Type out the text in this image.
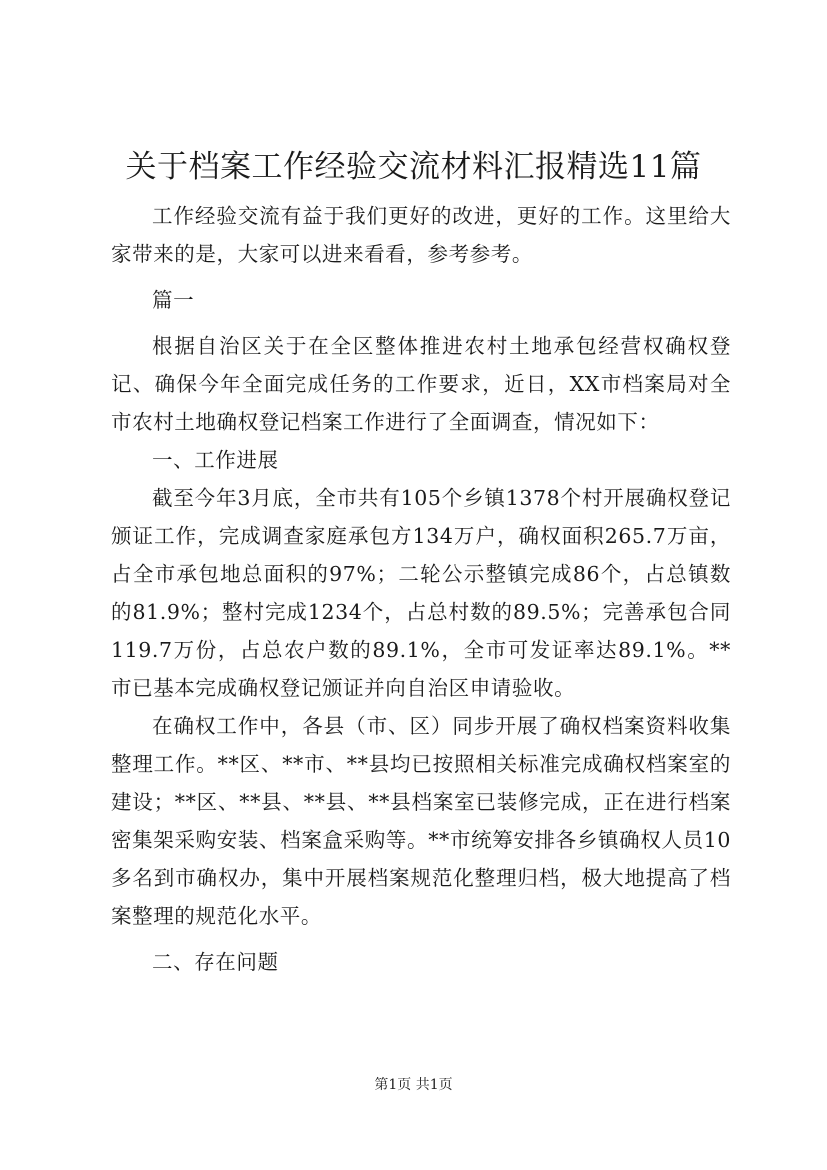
关于档案工作经验交流材料汇报精选11篇

工作经验交流有益于我们更好的改进，更好的工作。这里给大家带来的是，大家可以进来看看，参考参考。

篇一

根据自治区关于在全区整体推进农村土地承包经营权确权登记、确保今年全面完成任务的工作要求，近日，XX市档案局对全市农村土地确权登记档案工作进行了全面调查，情况如下：

一、工作进展

截至今年3月底，全市共有105个乡镇1378个村开展确权登记颁证工作，完成调查家庭承包方134万户，确权面积265.7万亩，占全市承包地总面积的97%；二轮公示整镇完成86个，占总镇数的81.9%；整村完成1234个，占总村数的89.5%；完善承包合同119.7万份，占总农户数的89.1%，全市可发证率达89.1%。**市已基本完成确权登记颁证并向自治区申请验收。

在确权工作中，各县（市、区）同步开展了确权档案资料收集整理工作。**区、**市、**县均已按照相关标准完成确权档案室的建设；**区、**县、**县、**县档案室已装修完成，正在进行档案密集架采购安装、档案盒采购等。**市统筹安排各乡镇确权人员10多名到市确权办，集中开展档案规范化整理归档，极大地提高了档案整理的规范化水平。

二、存在问题

第1页 共1页
